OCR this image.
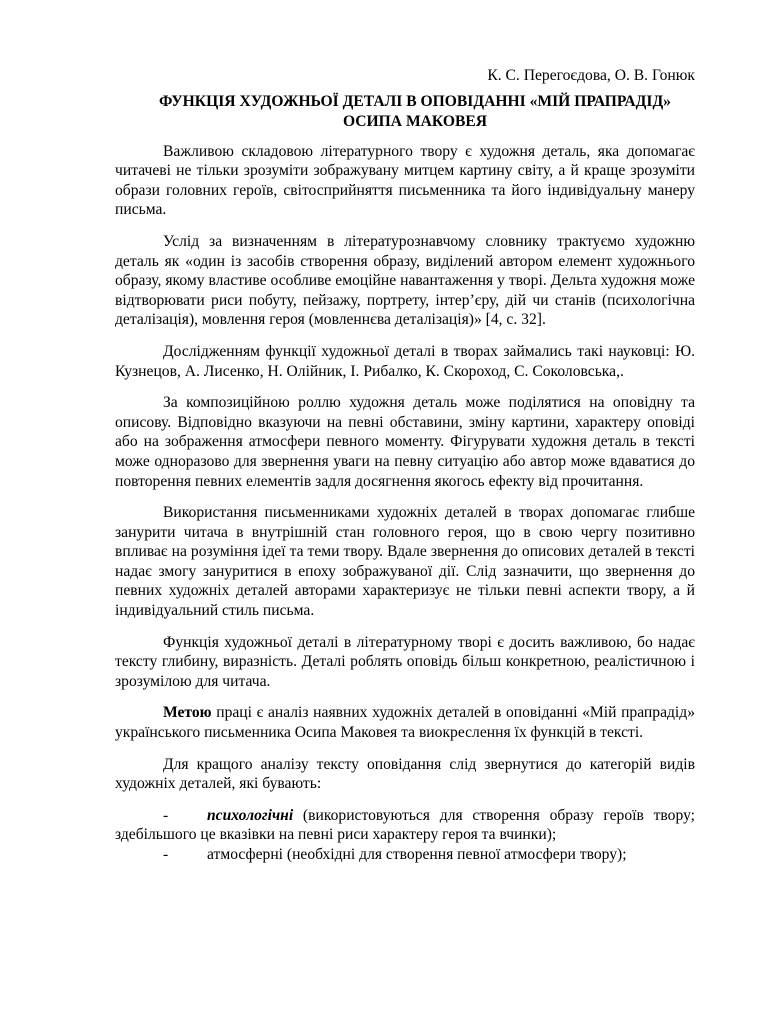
К. С. Перегоєдова, О. В. Гонюк

ФУНКЦІЯ ХУДОЖНЬОЇ ДЕТАЛІ В ОПОВІДАННІ «МІЙ ПРАПРАДІД» ОСИПА МАКОВЕЯ

Важливою складовою літературного твору є художня деталь, яка допомагає читачеві не тільки зрозуміти зображувану митцем картину світу, а й краще зрозуміти образи головних героїв, світосприйняття письменника та його індивідуальну манеру письма.

Услід за визначенням в літературознавчому словнику трактуємо художню деталь як «один із засобів створення образу, виділений автором елемент художнього образу, якому властиве особливе емоційне навантаження у творі. Дельта художня може відтворювати риси побуту, пейзажу, портрету, інтер’єру, дій чи станів (психологічна деталізація), мовлення героя (мовленнєва деталізація)» [4, с. 32].

Дослідженням функції художньої деталі в творах займались такі науковці: Ю. Кузнецов, А. Лисенко, Н. Олійник, І. Рибалко, К. Скороход, С. Соколовська,.

За композиційною роллю художня деталь може поділятися на оповідну та описову. Відповідно вказуючи на певні обставини, зміну картини, характеру оповіді або на зображення атмосфери певного моменту. Фігурувати художня деталь в тексті може одноразово для звернення уваги на певну ситуацію або автор може вдаватися до повторення певних елементів задля досягнення якогось ефекту від прочитання.

Використання письменниками художніх деталей в творах допомагає глибше занурити читача в внутрішній стан головного героя, що в свою чергу позитивно впливає на розуміння ідеї та теми твору. Вдале звернення до описових деталей в тексті надає змогу зануритися в епоху зображуваної дії. Слід зазначити, що звернення до певних художніх деталей авторами характеризує не тільки певні аспекти твору, а й індивідуальний стиль письма.

Функція художньої деталі в літературному творі є досить важливою, бо надає тексту глибину, виразність. Деталі роблять оповідь більш конкретною, реалістичною і зрозумілою для читача.

Метою праці є аналіз наявних художніх деталей в оповіданні «Мій прапрадід» українського письменника Осипа Маковея та виокреслення їх функцій в тексті.

Для кращого аналізу тексту оповідання слід звернутися до категорій видів художніх деталей, які бувають:

- психологічні (використовуються для створення образу героїв твору; здебільшого це вказівки на певні риси характеру героя та вчинки);

- атмосферні (необхідні для створення певної атмосфери твору);
